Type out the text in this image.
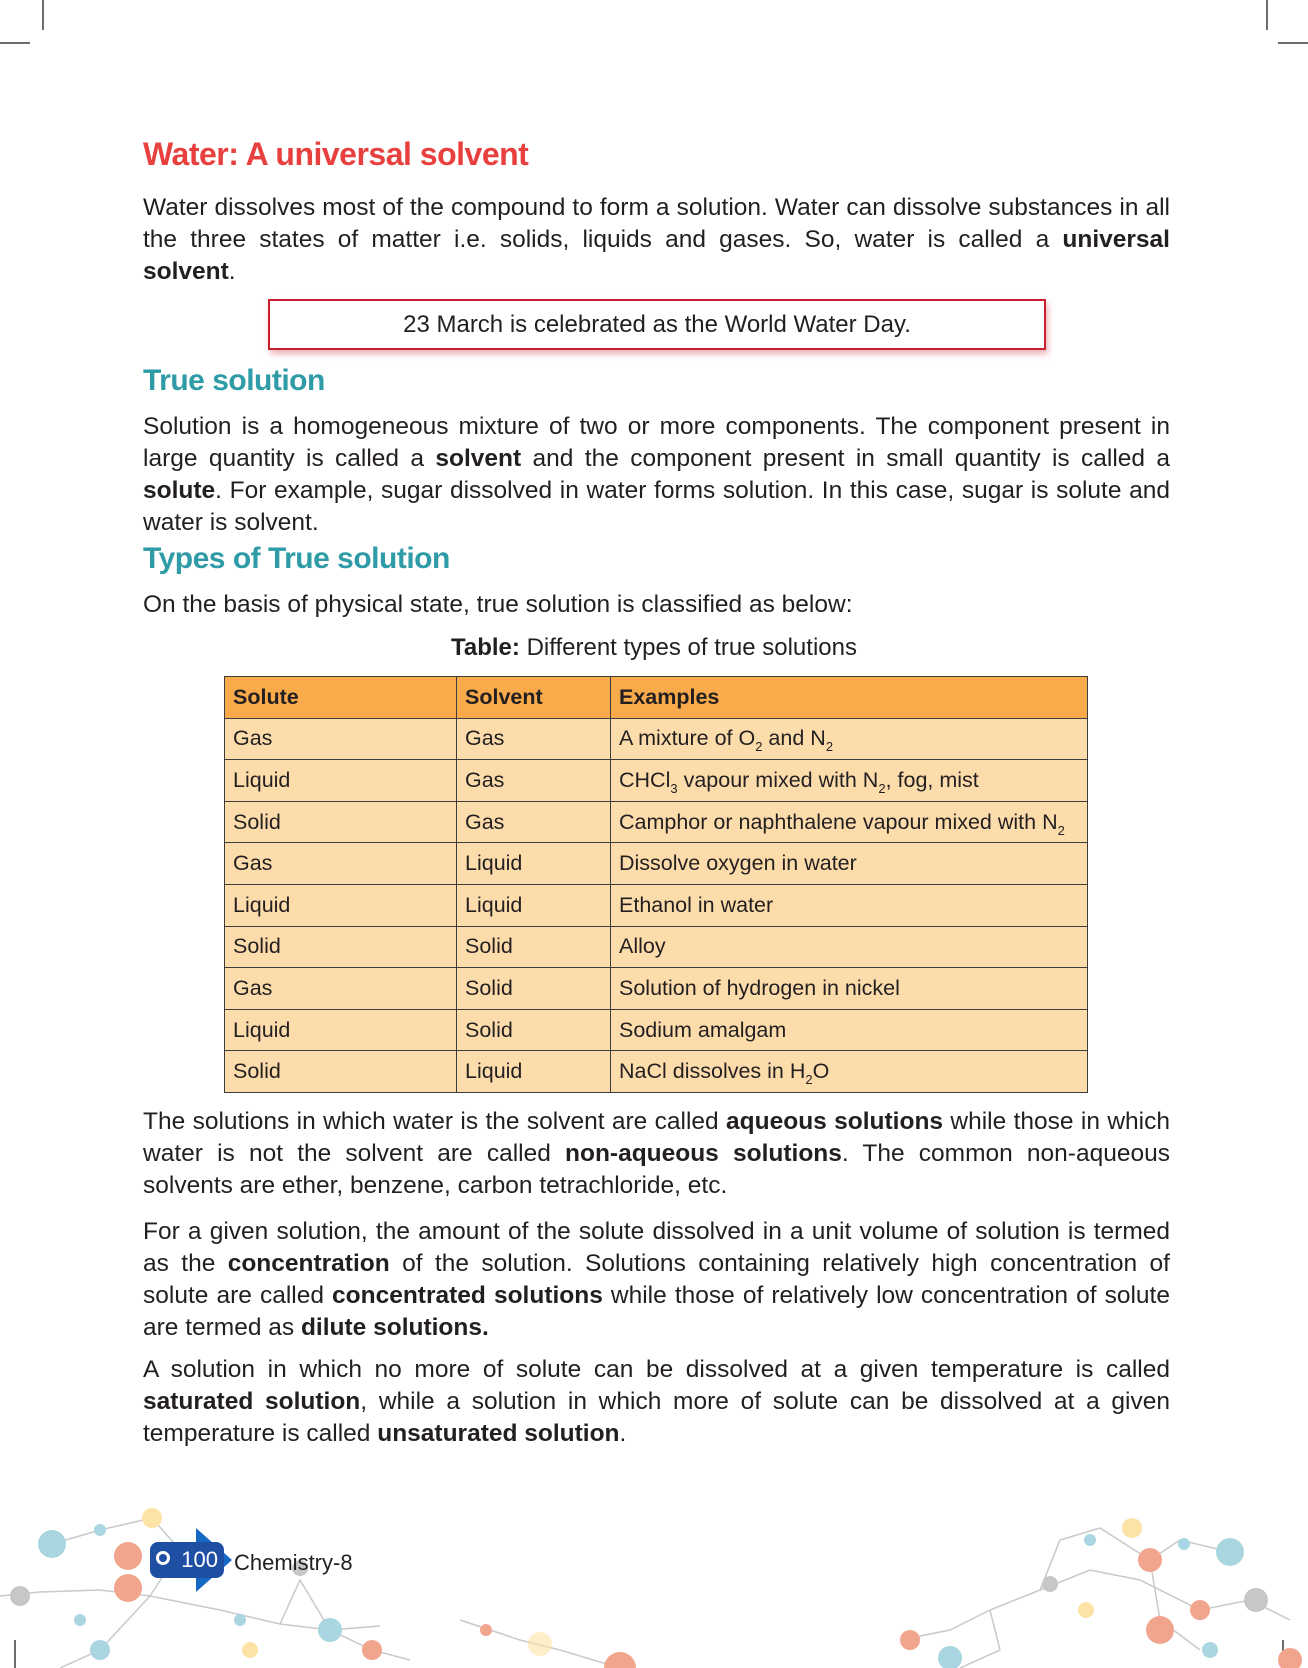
Water: A universal solvent

Water dissolves most of the compound to form a solution. Water can dissolve substances in all the three states of matter i.e. solids, liquids and gases. So, water is called a universal solvent.

23 March is celebrated as the World Water Day.
True solution

Solution is a homogeneous mixture of two or more components. The component present in large quantity is called a solvent and the component present in small quantity is called a solute. For example, sugar dissolved in water forms solution. In this case, sugar is solute and water is solvent.

Types of True solution

On the basis of physical state, true solution is classified as below:

Table: Different types of true solutions
Solute	Solvent	Examples
Gas	Gas	A mixture of $O_2$ and $N_2$
Liquid	Gas	CHCl$_3$ vapour mixed with $N_2$, fog, mist
Solid	Gas	Camphor or naphthalene vapour mixed with $N_2$
Gas	Liquid	Dissolve oxygen in water
Liquid	Liquid	Ethanol in water
Solid	Solid	Alloy
Gas	Solid	Solution of hydrogen in nickel
Liquid	Solid	Sodium amalgam
Solid	Liquid	NaCl dissolves in $H_2O$

The solutions in which water is the solvent are called aqueous solutions while those in which water is not the solvent are called non-aqueous solutions. The common non-aqueous solvents are ether, benzene, carbon tetrachloride, etc.

For a given solution, the amount of the solute dissolved in a unit volume of solution is termed as the concentration of the solution. Solutions containing relatively high concentration of solute are called concentrated solutions while those of relatively low concentration of solute are termed as dilute solutions.

A solution in which no more of solute can be dissolved at a given temperature is called saturated solution, while a solution in which more of solute can be dissolved at a given temperature is called unsaturated solution.

100 Chemistry-8
